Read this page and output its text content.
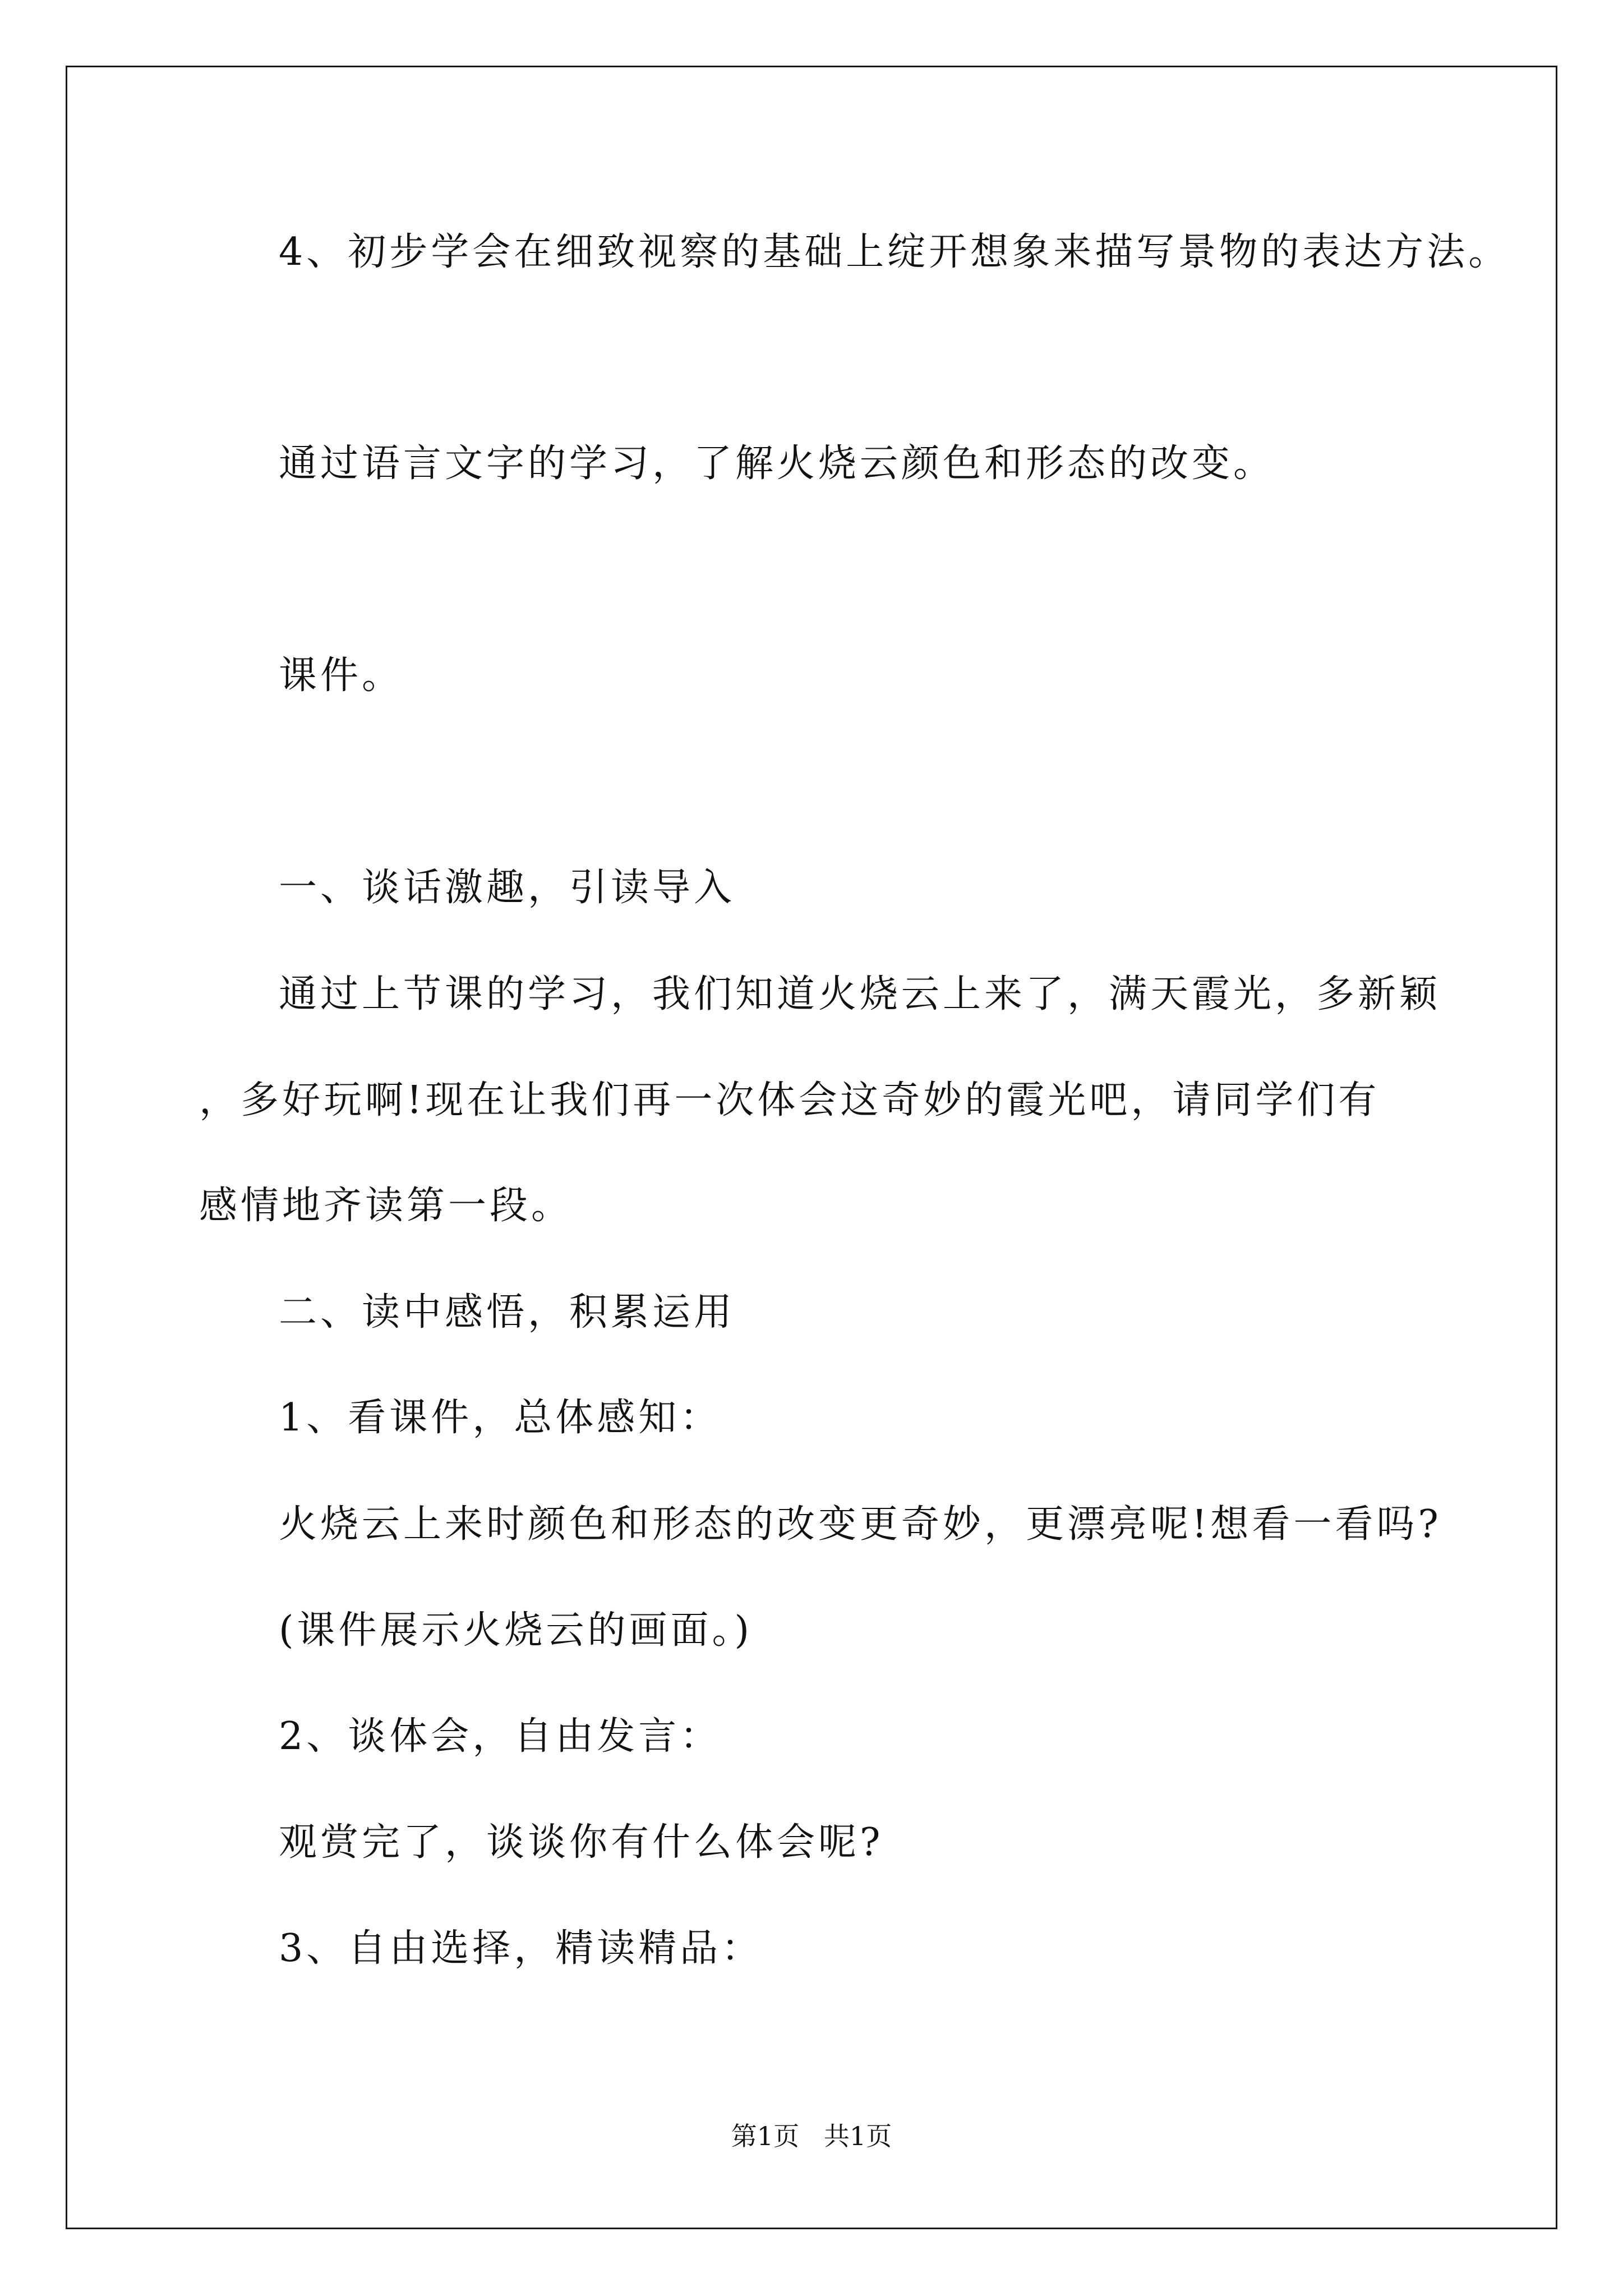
4、初步学会在细致视察的基础上绽开想象来描写景物的表达方法。
通过语言文字的学习，了解火烧云颜色和形态的改变。
课件。
一、谈话激趣，引读导入
通过上节课的学习，我们知道火烧云上来了，满天霞光，多新颖
，多好玩啊!现在让我们再一次体会这奇妙的霞光吧，请同学们有
感情地齐读第一段。
二、读中感悟，积累运用
1、看课件，总体感知：
火烧云上来时颜色和形态的改变更奇妙，更漂亮呢!想看一看吗?
(课件展示火烧云的画面。)
2、谈体会，自由发言：
观赏完了，谈谈你有什么体会呢?
3、自由选择，精读精品：
第1页   共1页
